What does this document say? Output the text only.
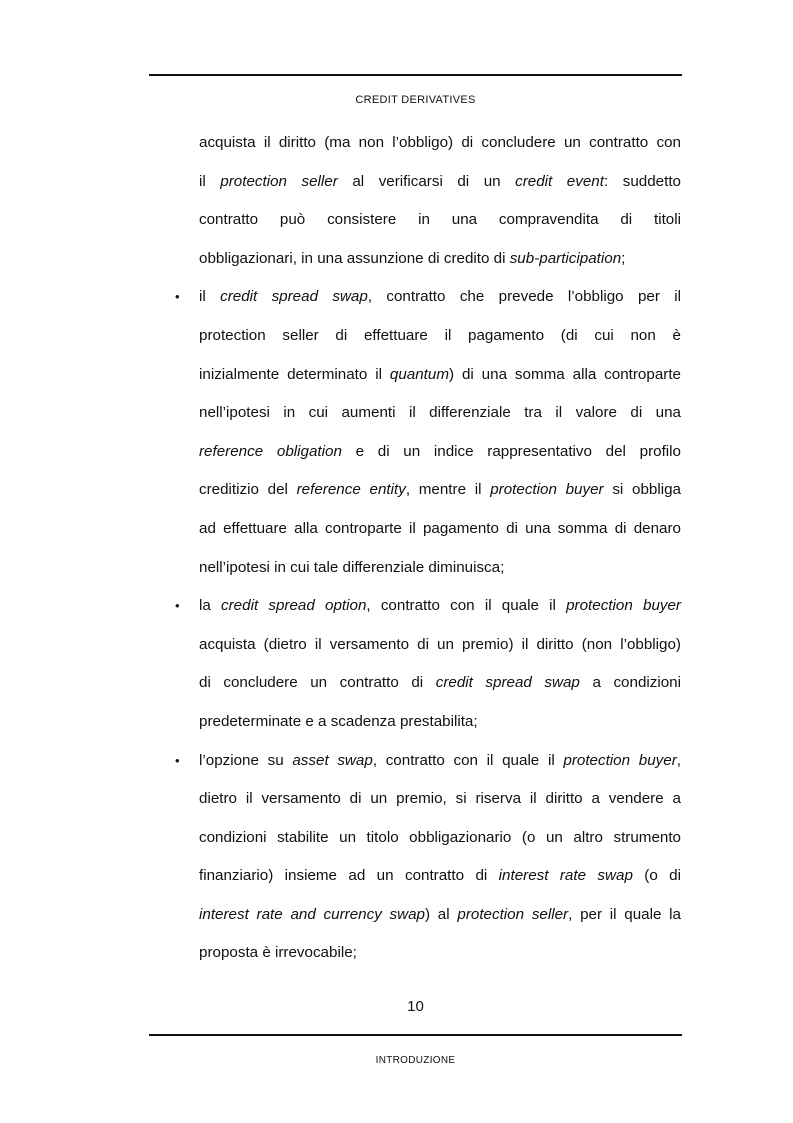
CREDIT DERIVATIVES
acquista il diritto (ma non l’obbligo) di concludere un contratto con
il protection seller al verificarsi di un credit event: suddetto
contratto può consistere in una compravendita di titoli
obbligazionari, in una assunzione di credito di sub-participation;
il credit spread swap, contratto che prevede l’obbligo per il
•
protection seller di effettuare il pagamento (di cui non è
inizialmente determinato il quantum) di una somma alla controparte
nell’ipotesi in cui aumenti il differenziale tra il valore di una
reference obligation e di un indice rappresentativo del profilo
creditizio del reference entity, mentre il protection buyer si obbliga
ad effettuare alla controparte il pagamento di una somma di denaro
nell’ipotesi in cui tale differenziale diminuisca;
la credit spread option, contratto con il quale il protection buyer
•
acquista (dietro il versamento di un premio) il diritto (non l’obbligo)
di concludere un contratto di credit spread swap a condizioni
predeterminate e a scadenza prestabilita;
l’opzione su asset swap, contratto con il quale il protection buyer,
•
dietro il versamento di un premio, si riserva il diritto a vendere a
condizioni stabilite un titolo obbligazionario (o un altro strumento
finanziario) insieme ad un contratto di interest rate swap (o di
interest rate and currency swap) al protection seller, per il quale la
proposta è irrevocabile;
10
INTRODUZIONE
